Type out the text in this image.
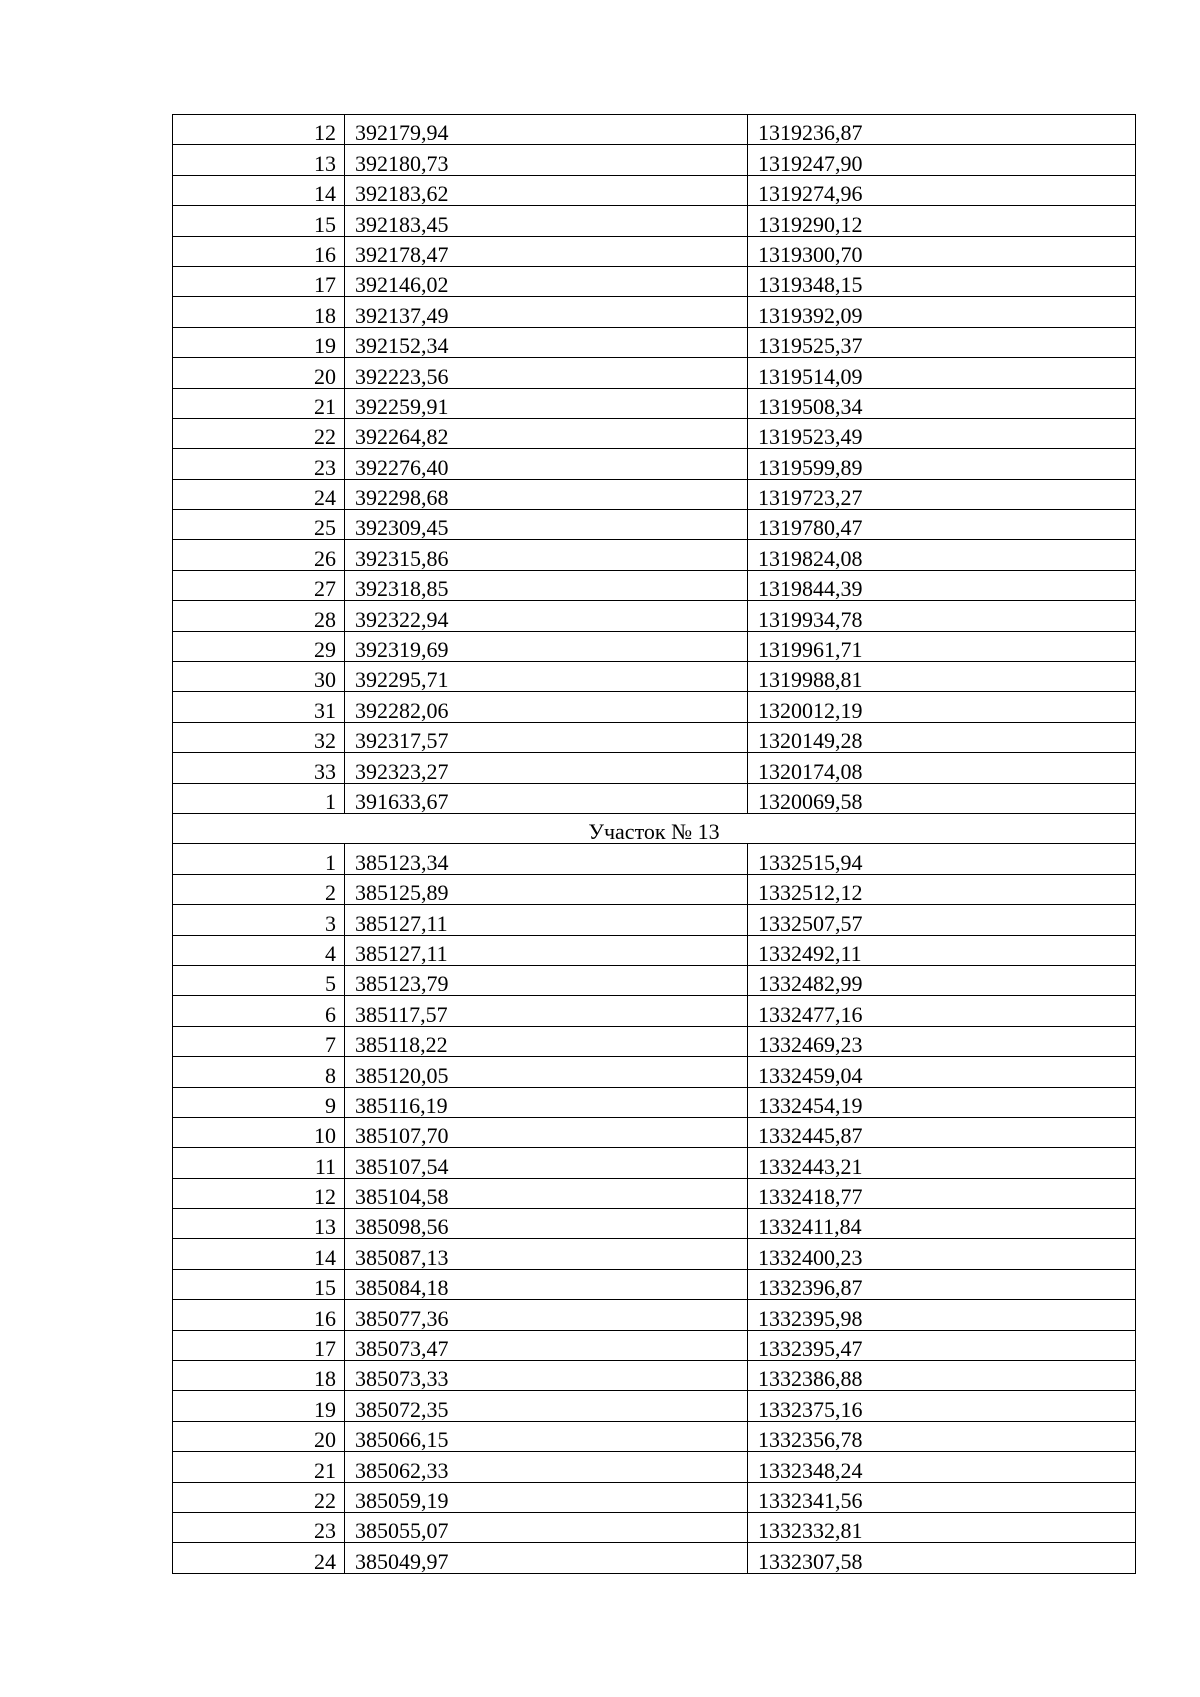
12	392179,94	1319236,87
13	392180,73	1319247,90
14	392183,62	1319274,96
15	392183,45	1319290,12
16	392178,47	1319300,70
17	392146,02	1319348,15
18	392137,49	1319392,09
19	392152,34	1319525,37
20	392223,56	1319514,09
21	392259,91	1319508,34
22	392264,82	1319523,49
23	392276,40	1319599,89
24	392298,68	1319723,27
25	392309,45	1319780,47
26	392315,86	1319824,08
27	392318,85	1319844,39
28	392322,94	1319934,78
29	392319,69	1319961,71
30	392295,71	1319988,81
31	392282,06	1320012,19
32	392317,57	1320149,28
33	392323,27	1320174,08
1	391633,67	1320069,58
Участок № 13		
1	385123,34	1332515,94
2	385125,89	1332512,12
3	385127,11	1332507,57
4	385127,11	1332492,11
5	385123,79	1332482,99
6	385117,57	1332477,16
7	385118,22	1332469,23
8	385120,05	1332459,04
9	385116,19	1332454,19
10	385107,70	1332445,87
11	385107,54	1332443,21
12	385104,58	1332418,77
13	385098,56	1332411,84
14	385087,13	1332400,23
15	385084,18	1332396,87
16	385077,36	1332395,98
17	385073,47	1332395,47
18	385073,33	1332386,88
19	385072,35	1332375,16
20	385066,15	1332356,78
21	385062,33	1332348,24
22	385059,19	1332341,56
23	385055,07	1332332,81
24	385049,97	1332307,58
